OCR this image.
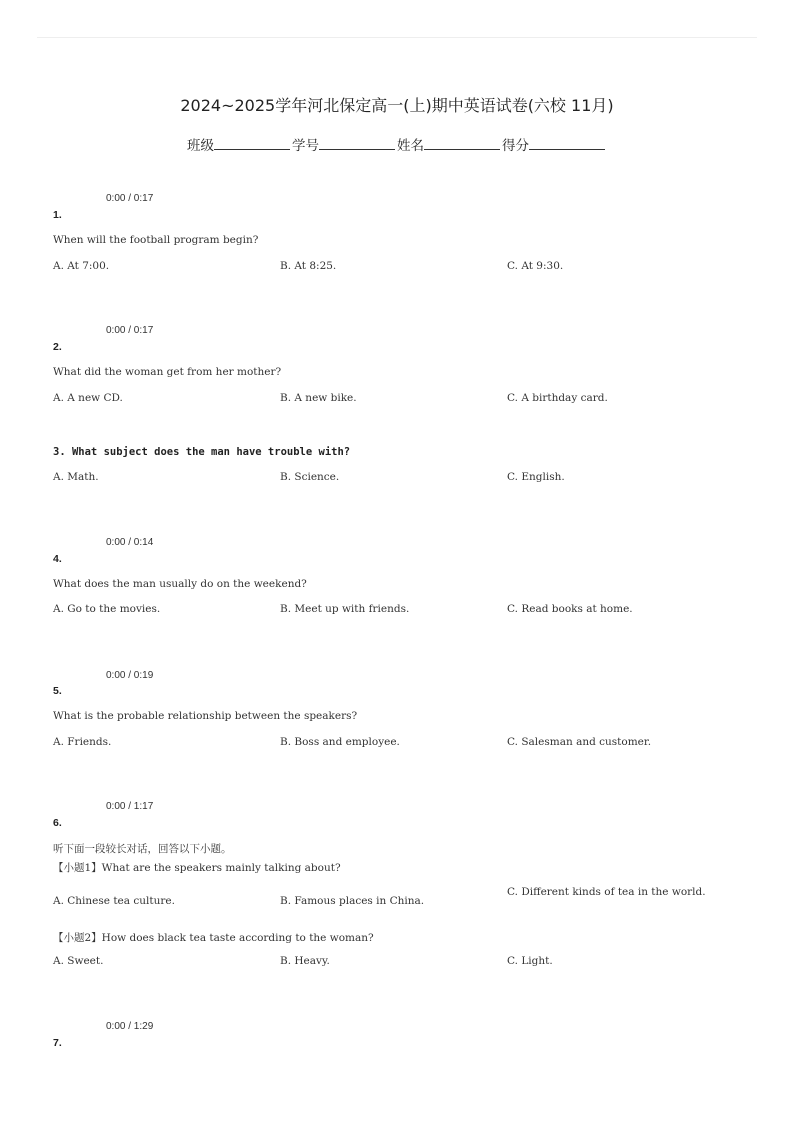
2024~2025学年河北保定高一(上)期中英语试卷(六校 11月)
班级	学号	姓名	得分
0:00 / 0:17
1.
When will the football program begin?
A. At 7:00.	B. At 8:25.	C. At 9:30.
0:00 / 0:17
2.
What did the woman get from her mother?
A. A new CD.	B. A new bike.	C. A birthday card.
3. What subject does the man have trouble with?
A. Math.	B. Science.	C. English.
0:00 / 0:14
4.
What does the man usually do on the weekend?
A. Go to the movies.	B. Meet up with friends.	C. Read books at home.
0:00 / 0:19
5.
What is the probable relationship between the speakers?
A. Friends.	B. Boss and employee.	C. Salesman and customer.
0:00 / 1:17
6.
听下面一段较长对话，回答以下小题。
【小题1】What are the speakers mainly talking about?
A. Chinese tea culture.	B. Famous places in China.
C. Different kinds of tea in the world.
【小题2】How does black tea taste according to the woman?
A. Sweet.	B. Heavy.	C. Light.
0:00 / 1:29
7.
